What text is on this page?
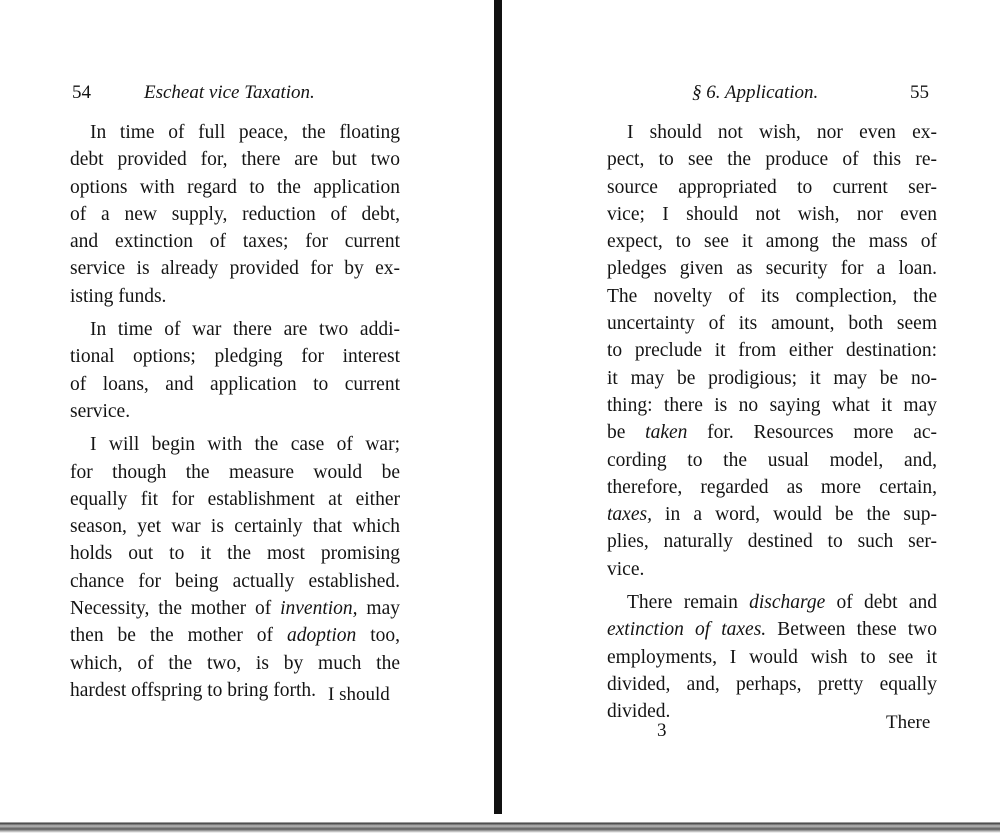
54	Escheat vice Taxation.
In time of full peace, the floating
debt provided for, there are but two
options with regard to the application
of a new supply, reduction of debt,
and extinction of taxes; for current
service is already provided for by ex-
isting funds.
In time of war there are two addi-
tional options; pledging for interest
of loans, and application to current
service.
I will begin with the case of war;
for though the measure would be
equally fit for establishment at either
season, yet war is certainly that which
holds out to it the most promising
chance for being actually established.
Necessity, the mother of invention, may
then be the mother of adoption too,
which, of the two, is by much the
hardest offspring to bring forth. I should
§ 6. Application.	55
I should not wish, nor even ex-
pect, to see the produce of this re-
source appropriated to current ser-
vice; I should not wish, nor even
expect, to see it among the mass of
pledges given as security for a loan.
The novelty of its complection, the
uncertainty of its amount, both seem
to preclude it from either destination:
it may be prodigious; it may be no-
thing: there is no saying what it may
be taken for. Resources more ac-
cording to the usual model, and,
therefore, regarded as more certain,
taxes, in a word, would be the sup-
plies, naturally destined to such ser-
vice.
There remain discharge of debt and
extinction of taxes. Between these two
employments, I would wish to see it
divided, and, perhaps, pretty equally
divided.
3	There
